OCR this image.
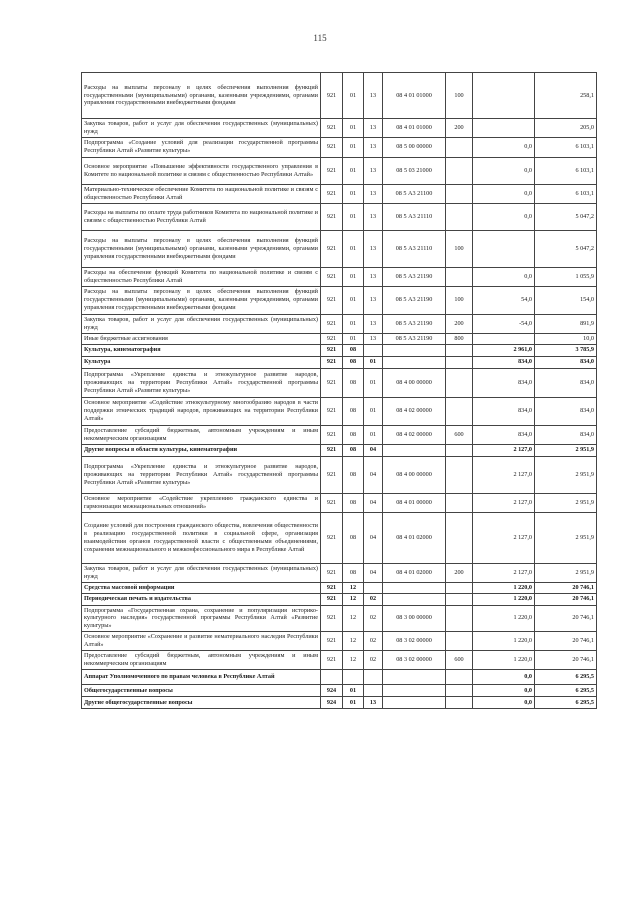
115
Расходы на выплаты персоналу в целях обеспечения выполнения функций государственными (муниципальными) органами, казенными учреждениями, органами управления государственными внебюджетными фондами	921	01	13	08 4 01 01000	100		258,1
Закупка товаров, работ и услуг для обеспечения государственных (муниципальных) нужд	921	01	13	08 4 01 01000	200		205,0
Подпрограмма «Создание условий для реализации государственной программы Республики Алтай «Развитие культуры»	921	01	13	08 5 00 00000		0,0	6 103,1
Основное мероприятие «Повышение эффективности государственного управления в Комитете по национальной политике и связям с общественностью Республики Алтай»	921	01	13	08 5 03 21000		0,0	6 103,1
Материально-техническое обеспечение Комитета по национальной политике и связям с общественностью Республики Алтай	921	01	13	08 5 А3 21100		0,0	6 103,1
Расходы на выплаты по оплате труда работников Комитета по национальной политике и связям с общественностью Республики Алтай	921	01	13	08 5 А3 21110		0,0	5 047,2
Расходы на выплаты персоналу в целях обеспечения выполнения функций государственными (муниципальными) органами, казенными учреждениями, органами управления государственными внебюджетными фондами	921	01	13	08 5 А3 21110	100		5 047,2
Расходы на обеспечение функций Комитета по национальной политике и связям с общественностью Республики Алтай	921	01	13	08 5 А3 21190		0,0	1 055,9
Расходы на выплаты персоналу в целях обеспечения выполнения функций государственными (муниципальными) органами, казенными учреждениями, органами управления государственными внебюджетными фондами	921	01	13	08 5 А3 21190	100	54,0	154,0
Закупка товаров, работ и услуг для обеспечения государственных (муниципальных) нужд	921	01	13	08 5 А3 21190	200	-54,0	891,9
Иные бюджетные ассигнования	921	01	13	08 5 А3 21190	800		10,0
Культура, кинематография	921	08				2 961,0	3 785,9
Культура	921	08	01			834,0	834,0
Подпрограмма «Укрепление единства и этнокультурное развитие народов, проживающих на территории Республики Алтай» государственной программы Республики Алтай «Развитие культуры»	921	08	01	08 4 00 00000		834,0	834,0
Основное мероприятие «Содействие этнокультурному многообразию народов в части поддержки этнических традиций народов, проживающих на территории Республики Алтай»	921	08	01	08 4 02 00000		834,0	834,0
Предоставление субсидий бюджетным, автономным учреждениям и иным некоммерческим организациям	921	08	01	08 4 02 00000	600	834,0	834,0
Другие вопросы в области культуры, кинематографии	921	08	04			2 127,0	2 951,9
Подпрограмма «Укрепление единства и этнокультурное развитие народов, проживающих на территории Республики Алтай» государственной программы Республики Алтай «Развитие культуры»	921	08	04	08 4 00 00000		2 127,0	2 951,9
Основное мероприятие «Содействие укреплению гражданского единства и гармонизации межнациональных отношений»	921	08	04	08 4 01 00000		2 127,0	2 951,9
Создание условий для построения гражданского общества, вовлечения общественности в реализацию государственной политики в социальной сфере, организация взаимодействия органов государственной власти с общественными объединениями, сохранения межнационального и межконфессионального мира в Республике Алтай	921	08	04	08 4 01 02000		2 127,0	2 951,9
Закупка товаров, работ и услуг для обеспечения государственных (муниципальных) нужд	921	08	04	08 4 01 02000	200	2 127,0	2 951,9
Средства массовой информации	921	12				1 220,0	20 746,1
Периодическая печать и издательства	921	12	02			1 220,0	20 746,1
Подпрограмма «Государственная охрана, сохранение и популяризация историко-культурного наследия» государственной программы Республики Алтай «Развитие культуры»	921	12	02	08 3 00 00000		1 220,0	20 746,1
Основное мероприятие «Сохранение и развитие нематериального наследия Республики Алтай»	921	12	02	08 3 02 00000		1 220,0	20 746,1
Предоставление субсидий бюджетным, автономным учреждениям и иным некоммерческим организациям	921	12	02	08 3 02 00000	600	1 220,0	20 746,1
Аппарат Уполномоченного по правам человека в Республике Алтай						0,0	6 295,5
Общегосударственные вопросы	924	01				0,0	6 295,5
Другие общегосударственные вопросы	924	01	13			0,0	6 295,5
